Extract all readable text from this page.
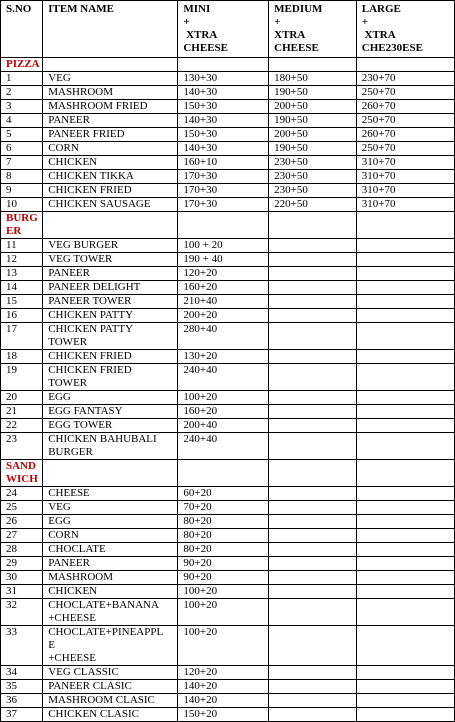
S.NO	ITEM NAME	MINI
+
XTRA
CHEESE	MEDIUM
+
XTRA
CHEESE	LARGE
+
XTRA
CHE230ESE

PIZZA				
1	VEG	130+30	180+50	230+70
2	MASHROOM	140+30	190+50	250+70
3	MASHROOM FRIED	150+30	200+50	260+70
4	PANEER	140+30	190+50	250+70
5	PANEER FRIED	150+30	200+50	260+70
6	CORN	140+30	190+50	250+70
7	CHICKEN	160+10	230+50	310+70
8	CHICKEN TIKKA	170+30	230+50	310+70
9	CHICKEN FRIED	170+30	230+50	310+70
10	CHICKEN SAUSAGE	170+30	220+50	310+70
BURGER				
11	VEG BURGER	100 + 20		
12	VEG TOWER	190 + 40		
13	PANEER	120+20		
14	PANEER DELIGHT	160+20		
15	PANEER TOWER	210+40		
16	CHICKEN PATTY	200+20		
17	CHICKEN PATTY
TOWER	280+40		
18	CHICKEN FRIED	130+20		
19	CHICKEN FRIED
TOWER	240+40		
20	EGG	100+20		
21	EGG FANTASY	160+20		
22	EGG TOWER	200+40		
23	CHICKEN BAHUBALI
BURGER	240+40		
SANDWICH				
24	CHEESE	60+20		
25	VEG	70+20		
26	EGG	80+20		
27	CORN	80+20		
28	CHOCLATE	80+20		
29	PANEER	90+20		
30	MASHROOM	90+20		
31	CHICKEN	100+20		
32	CHOCLATE+BANANA
+CHEESE	100+20		
33	CHOCLATE+PINEAPPL
E
+CHEESE	100+20		
34	VEG CLASSIC	120+20		
35	PANEER CLASIC	140+20		
36	MASHROOM CLASIC	140+20		
37	CHICKEN CLASIC	150+20		
